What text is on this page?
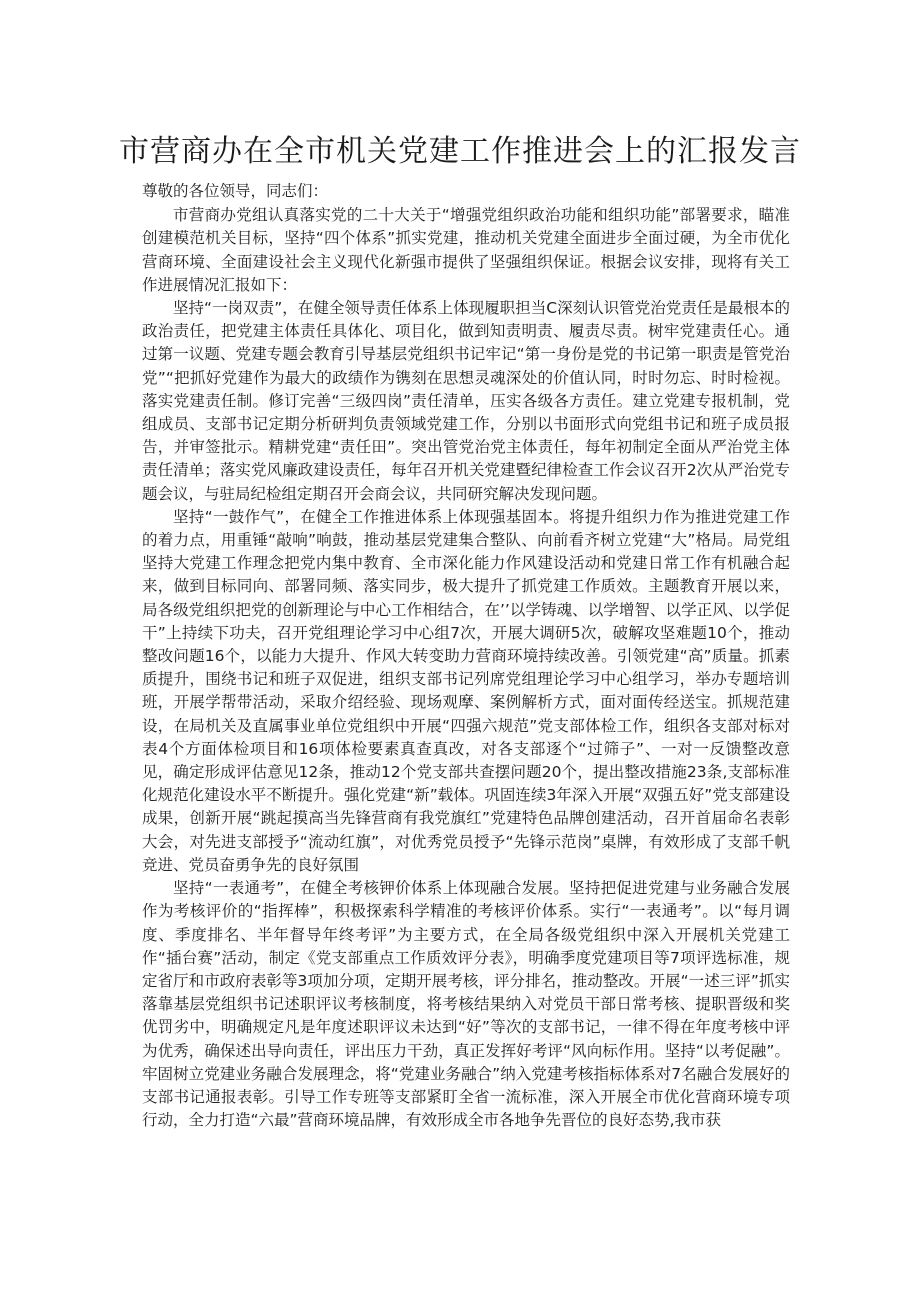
市营商办在全市机关党建工作推进会上的汇报发言

尊敬的各位领导，同志们：

市营商办党组认真落实党的二十大关于“增强党组织政治功能和组织功能”部署要求，瞄准创建模范机关目标，坚持“四个体系”抓实党建，推动机关党建全面进步全面过硬，为全市优化营商环境、全面建设社会主义现代化新强市提供了坚强组织保证。根据会议安排，现将有关工作进展情况汇报如下：

坚持“一岗双责”，在健全领导责任体系上体现履职担当C深刻认识管党治党责任是最根本的政治责任，把党建主体责任具体化、项目化，做到知责明责、履责尽责。树牢党建责任心。通过第一议题、党建专题会教育引导基层党组织书记牢记“第一身份是党的书记第一职责是管党治党”“把抓好党建作为最大的政绩作为镌刻在思想灵魂深处的价值认同，时时勿忘、时时检视。落实党建责任制。修订完善“三级四岗”责任清单，压实各级各方责任。建立党建专报机制，党组成员、支部书记定期分析研判负责领域党建工作，分别以书面形式向党组书记和班子成员报告，并审签批示。精耕党建“责任田”。突出管党治党主体责任，每年初制定全面从严治党主体责任清单；落实党风廉政建设责任，每年召开机关党建暨纪律检查工作会议召开2次从严治党专题会议，与驻局纪检组定期召开会商会议，共同研究解决发现问题。

坚持“一鼓作气”，在健全工作推进体系上体现强基固本。将提升组织力作为推进党建工作的着力点，用重锤“敲响”响鼓，推动基层党建集合整队、向前看齐树立党建“大”格局。局党组坚持大党建工作理念把党内集中教育、全市深化能力作风建设活动和党建日常工作有机融合起来，做到目标同向、部署同频、落实同步，极大提升了抓党建工作质效。主题教育开展以来，局各级党组织把党的创新理论与中心工作相结合，在’’以学铸魂、以学增智、以学正风、以学促干”上持续下功夫，召开党组理论学习中心组7次，开展大调研5次，破解攻坚难题10个，推动整改问题16个，以能力大提升、作风大转变助力营商环境持续改善。引领党建“高”质量。抓素质提升，围绕书记和班子双促进，组织支部书记列席党组理论学习中心组学习，举办专题培训班，开展学帮带活动，采取介绍经验、现场观摩、案例解析方式，面对面传经送宝。抓规范建设，在局机关及直属事业单位党组织中开展“四强六规范”党支部体检工作，组织各支部对标对表4个方面体检项目和16项体检要素真查真改，对各支部逐个“过筛子”、一对一反馈整改意见，确定形成评估意见12条，推动12个党支部共查摆问题20个，提出整改措施23条,支部标准化规范化建设水平不断提升。强化党建“新”载体。巩固连续3年深入开展“双强五好”党支部建设成果，创新开展“跳起摸高当先锋营商有我党旗红”党建特色品牌创建活动，召开首届命名表彰大会，对先进支部授予“流动红旗”，对优秀党员授予“先锋示范岗”桌牌，有效形成了支部千帆竞进、党员奋勇争先的良好氛围

坚持“一表通考”，在健全考核钾价体系上体现融合发展。坚持把促进党建与业务融合发展作为考核评价的“指挥棒”，积极探索科学精准的考核评价体系。实行“一表通考”。以“每月调度、季度排名、半年督导年终考评”为主要方式，在全局各级党组织中深入开展机关党建工作“插台赛”活动，制定《党支部重点工作质效评分表》，明确季度党建项目等7项评选标准，规定省厅和市政府表彰等3项加分项，定期开展考核，评分排名，推动整改。开展“一述三评”抓实落靠基层党组织书记述职评议考核制度，将考核结果纳入对党员干部日常考核、提职晋级和奖优罚劣中，明确规定凡是年度述职评议未达到“好”等次的支部书记，一律不得在年度考核中评为优秀，确保述出导向责任，评出压力干劲，真正发挥好考评“风向标作用。坚持“以考促融”。牢固树立党建业务融合发展理念，将“党建业务融合”纳入党建考核指标体系对7名融合发展好的支部书记通报表彰。引导工作专班等支部紧盯全省一流标准，深入开展全市优化营商环境专项行动，全力打造“六最”营商环境品牌，有效形成全市各地争先晋位的良好态势,我市获
